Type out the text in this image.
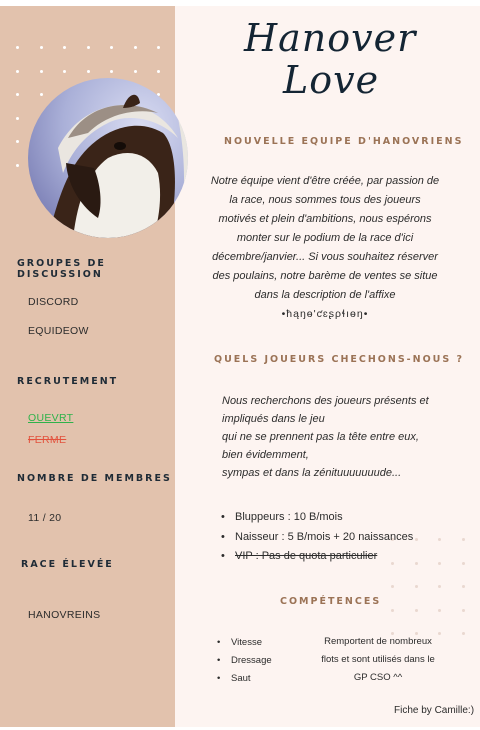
GROUPES DE DISCUSSION
DISCORD
EQUIDEOW
RECRUTEMENT
OUEVRT
FERME
NOMBRE DE MEMBRES
11 / 20
RACE ÉLEVÉE
HANOVREINS
Hanover
Love
NOUVELLE EQUIPE D'HANOVRIENS
Notre équipe vient d'être créée, par passion de la race, nous sommes tous des joueurs motivés et plein d'ambitions, nous espérons monter sur le podium de la race d'ici décembre/janvier... Si vous souhaitez réserver des poulains, notre barème de ventes se situe dans la description de l'affixe
•ħąŋɵ'ƈɛʂρɬıɵŋ•
QUELS JOUEURS CHECHONS-NOUS ?
Nous recherchons des joueurs présents et impliqués dans le jeu
qui ne se prennent pas la tête entre eux, bien évidemment,
sympas et dans la zénituuuuuuude...
• Bluppeurs : 10 B/mois
• Naisseur : 5 B/mois + 20 naissances
• VIP : Pas de quota particulier
COMPÉTENCES
• Vitesse
• Dressage
• Saut
Remportent de nombreux flots et sont utilisés dans le GP CSO ^^
Fiche by Camille:)
